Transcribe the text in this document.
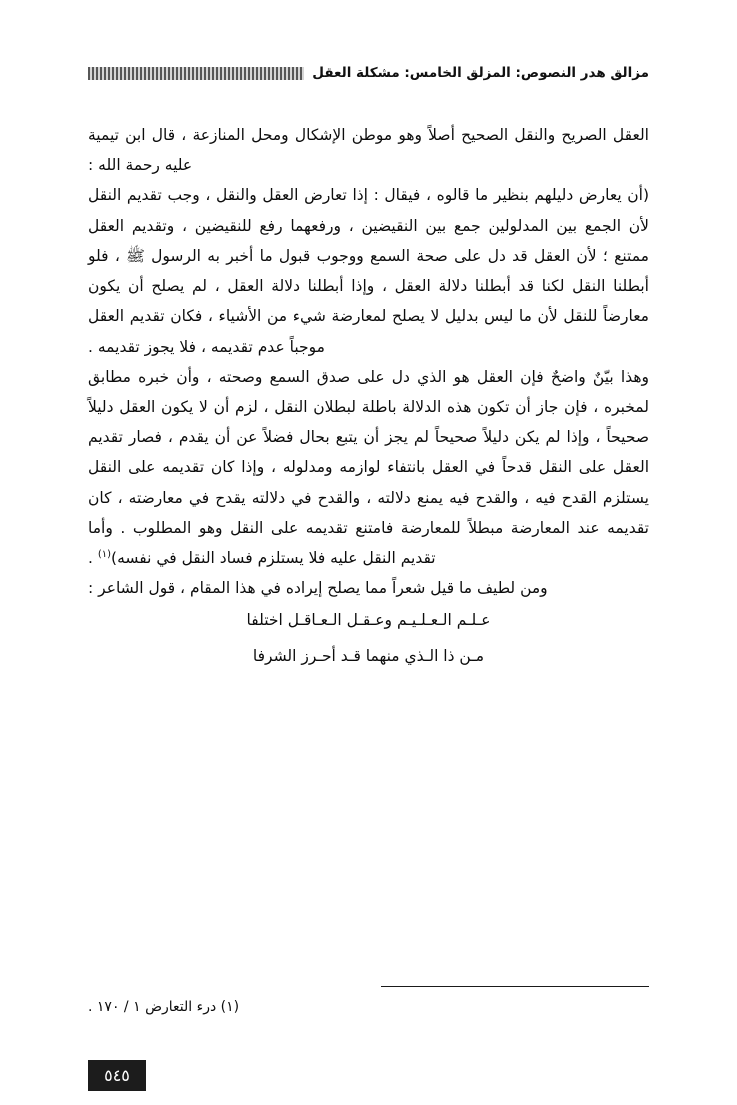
مزالق هدر النصوص: المزلق الخامس: مشكلة العقل

العقل الصريح والنقل الصحيح أصلاً وهو موطن الإشكال ومحل المنازعة ، قال ابن تيمية عليه رحمة الله :

(أن يعارض دليلهم بنظير ما قالوه ، فيقال : إذا تعارض العقل والنقل ، وجب تقديم النقل لأن الجمع بين المدلولين جمع بين النقيضين ، ورفعهما رفع للنقيضين ، وتقديم العقل ممتنع ؛ لأن العقل قد دل على صحة السمع ووجوب قبول ما أخبر به الرسول ﷺ ، فلو أبطلنا النقل لكنا قد أبطلنا دلالة العقل ، وإذا أبطلنا دلالة العقل ، لم يصلح أن يكون معارضاً للنقل لأن ما ليس بدليل لا يصلح لمعارضة شيء من الأشياء ، فكان تقديم العقل موجباً عدم تقديمه ، فلا يجوز تقديمه .

وهذا بيّنٌ واضحٌ فإن العقل هو الذي دل على صدق السمع وصحته ، وأن خبره مطابق لمخبره ، فإن جاز أن تكون هذه الدلالة باطلة لبطلان النقل ، لزم أن لا يكون العقل دليلاً صحيحاً ، وإذا لم يكن دليلاً صحيحاً لم يجز أن يتبع بحال فضلاً عن أن يقدم ، فصار تقديم العقل على النقل قدحاً في العقل بانتفاء لوازمه ومدلوله ، وإذا كان تقديمه على النقل يستلزم القدح فيه ، والقدح فيه يمنع دلالته ، والقدح في دلالته يقدح في معارضته ، كان تقديمه عند المعارضة مبطلاً للمعارضة فامتنع تقديمه على النقل وهو المطلوب . وأما تقديم النقل عليه فلا يستلزم فساد النقل في نفسه)$^{(١)}$ .

ومن لطيف ما قيل شعراً مما يصلح إيراده في هذا المقام ، قول الشاعر :

عـلـم الـعـلـيـم وعـقـل الـعـاقـل اختلفا

مـن ذا الـذي منهما قـد أحـرز الشرفا

(١) درء التعارض ١ / ١٧٠ .
٥٤٥
